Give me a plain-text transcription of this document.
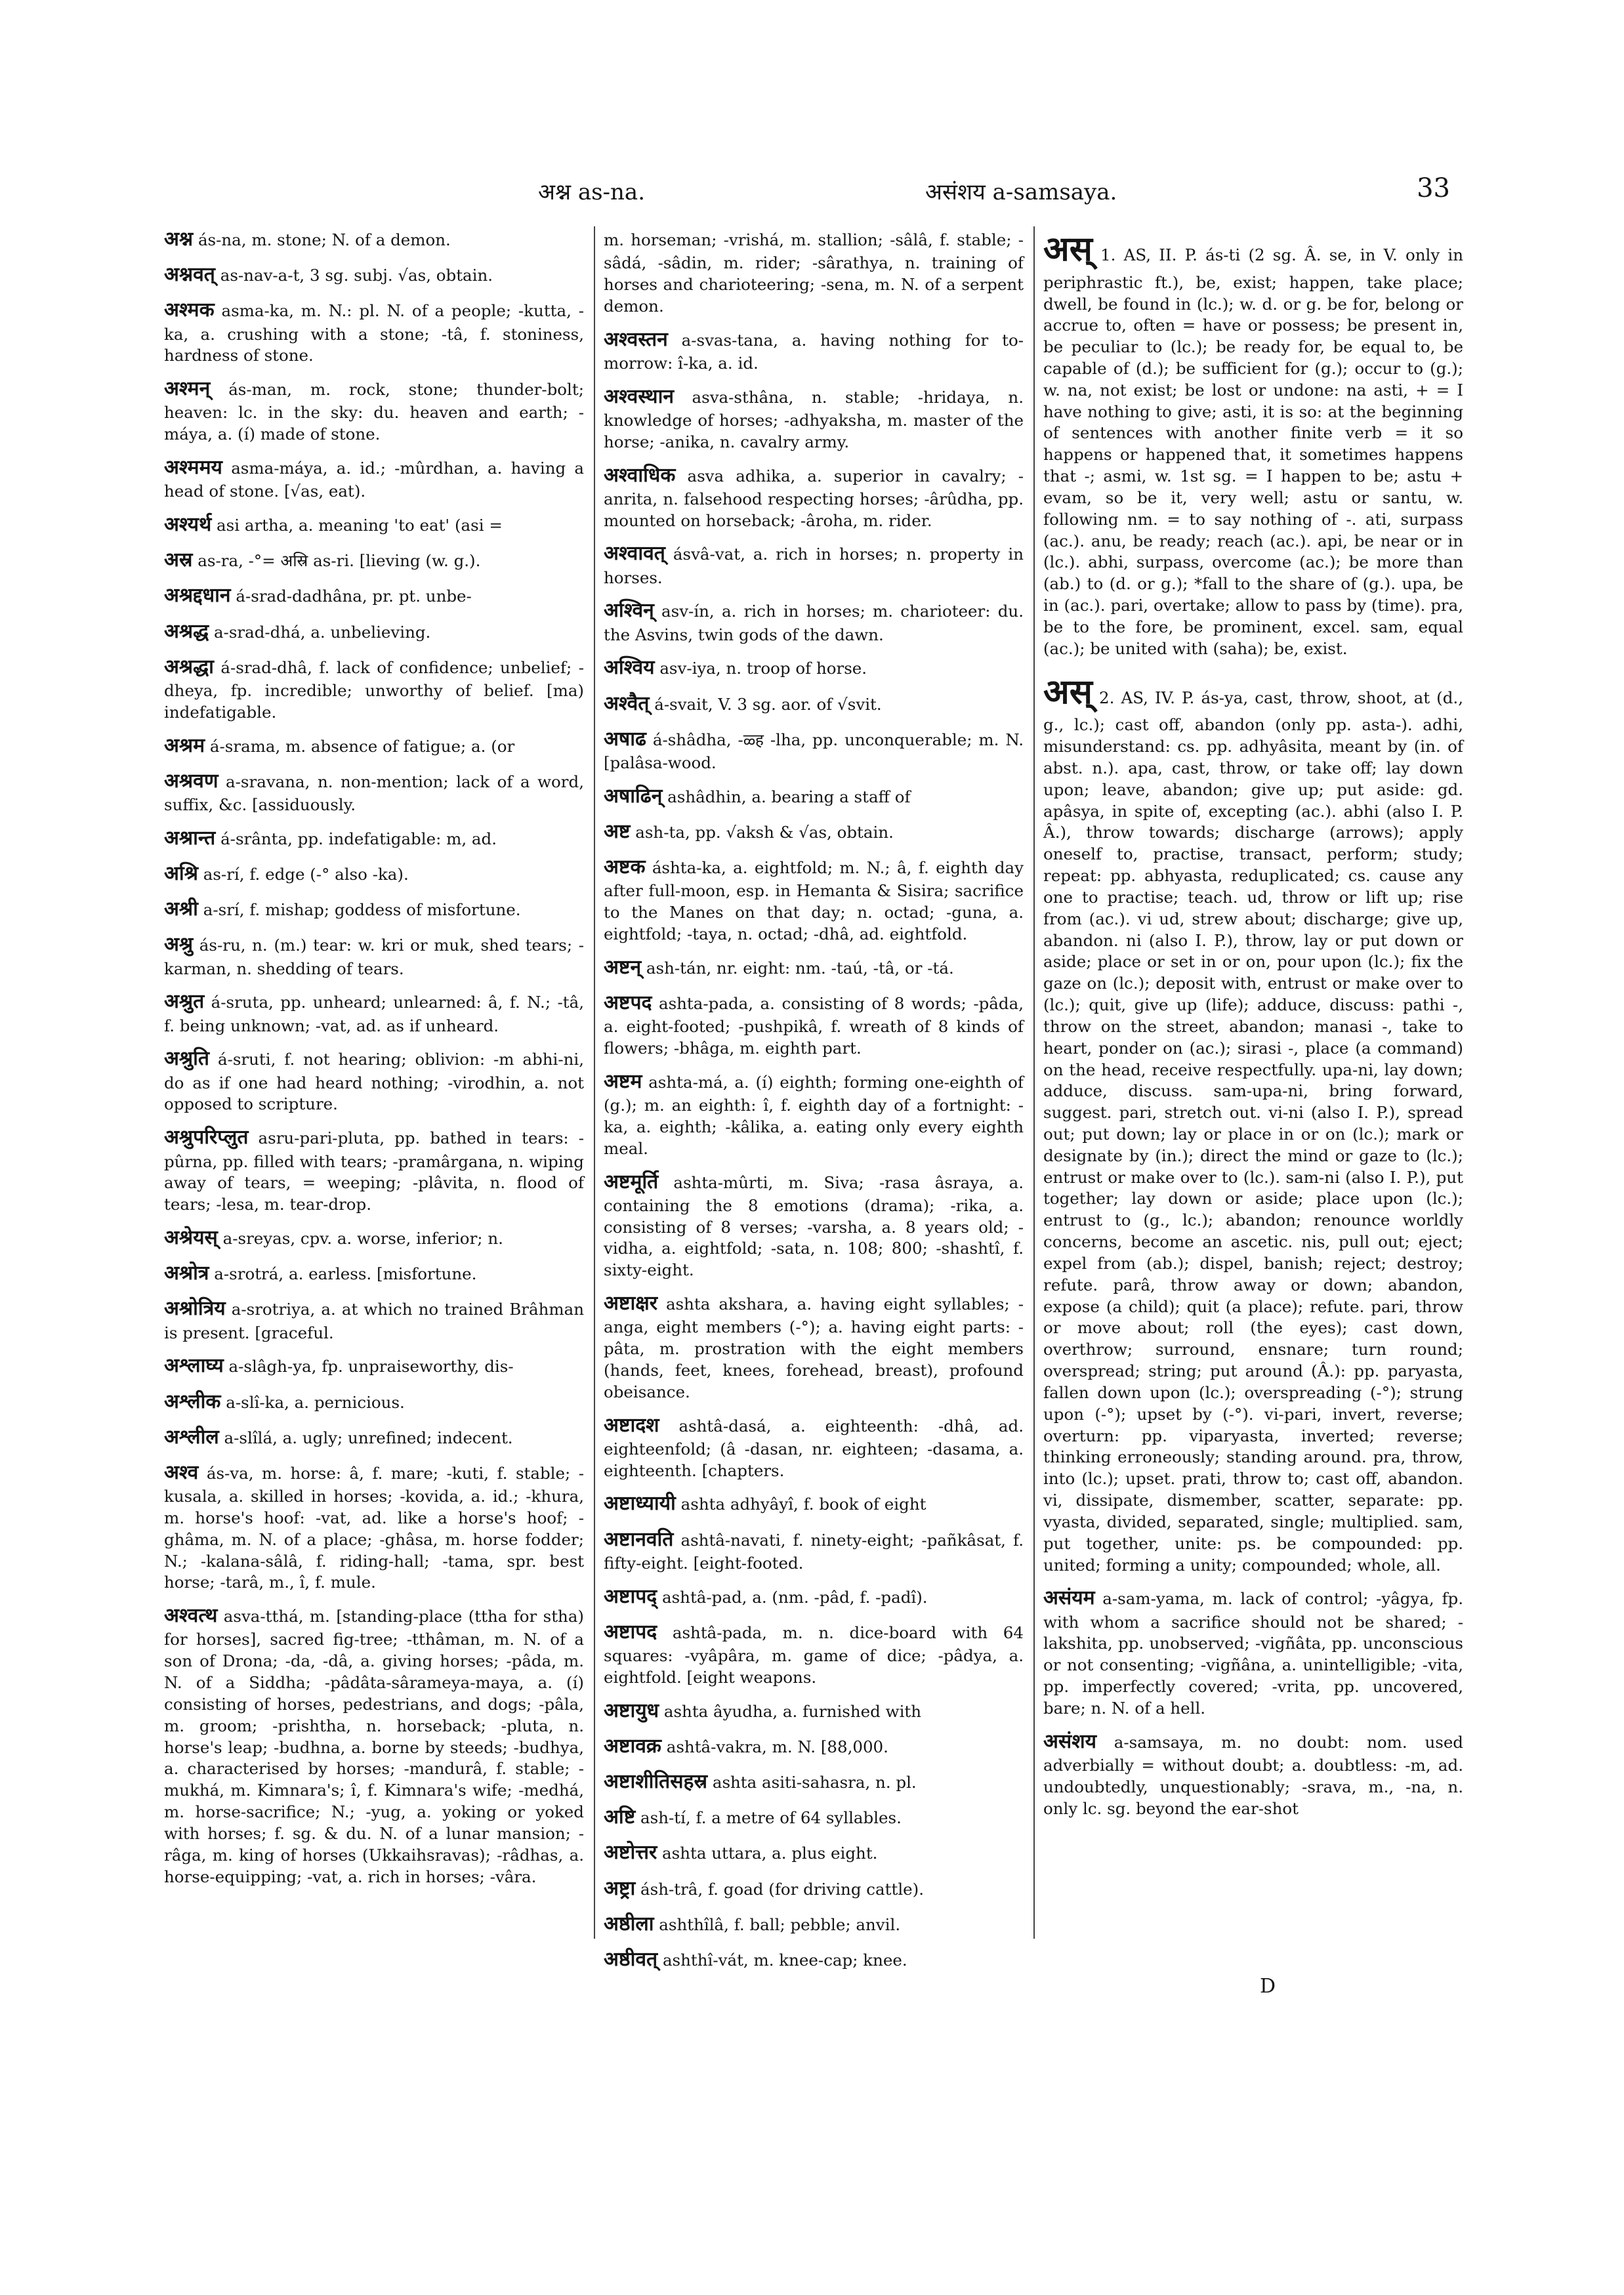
अश्न as-na.	असंशय a-samsaya.	33

अश्न ás-na, m. stone; N. of a demon.

अश्नवत् as-nav-a-t, 3 sg. subj. √as, obtain.

अश्मक asma-ka, m. N.: pl. N. of a people; -kutta, -ka, a. crushing with a stone; -tâ, f. stoniness, hardness of stone.

अश्मन् ás-man, m. rock, stone; thunder-bolt; heaven: lc. in the sky: du. heaven and earth; -máya, a. (í) made of stone.

अश्ममय asma-máya, a. id.; -mûrdhan, a. having a head of stone. [√as, eat).

अश्यर्थ asi artha, a. meaning 'to eat' (asi =

अस्र as-ra, -°= अस्रि as-ri. [lieving (w. g.).

अश्रद्दधान á-srad-dadhâna, pr. pt. unbe-

अश्रद्ध a-srad-dhá, a. unbelieving.

अश्रद्धा á-srad-dhâ, f. lack of confidence; unbelief; -dheya, fp. incredible; unworthy of belief. [ma) indefatigable.

अश्रम á-srama, m. absence of fatigue; a. (or

अश्रवण a-sravana, n. non-mention; lack of a word, suffix, &c. [assiduously.

अश्रान्त á-srânta, pp. indefatigable: m, ad.

अश्रि as-rí, f. edge (-° also -ka).

अश्री a-srí, f. mishap; goddess of misfortune.

अश्रु ás-ru, n. (m.) tear: w. kri or muk, shed tears; -karman, n. shedding of tears.

अश्रुत á-sruta, pp. unheard; unlearned: â, f. N.; -tâ, f. being unknown; -vat, ad. as if unheard.

अश्रुति á-sruti, f. not hearing; oblivion: -m abhi-ni, do as if one had heard nothing; -virodhin, a. not opposed to scripture.

अश्रुपरिप्लुत asru-pari-pluta, pp. bathed in tears: -pûrna, pp. filled with tears; -pramârgana, n. wiping away of tears, = weeping; -plâvita, n. flood of tears; -lesa, m. tear-drop.

अश्रेयस् a-sreyas, cpv. a. worse, inferior; n.

अश्रोत्र a-srotrá, a. earless. [misfortune.

अश्रोत्रिय a-srotriya, a. at which no trained Brâhman is present. [graceful.

अश्लाघ्य a-slâgh-ya, fp. unpraiseworthy, dis-

अश्लीक a-slî-ka, a. pernicious.

अश्लील a-slîlá, a. ugly; unrefined; indecent.

अश्व ás-va, m. horse: â, f. mare; -kuti, f. stable; -kusala, a. skilled in horses; -kovida, a. id.; -khura, m. horse's hoof: -vat, ad. like a horse's hoof; -ghâma, m. N. of a place; -ghâsa, m. horse fodder; N.; -kalana-sâlâ, f. riding-hall; -tama, spr. best horse; -tarâ, m., î, f. mule.

अश्वत्थ asva-tthá, m. [standing-place (ttha for stha) for horses], sacred fig-tree; -tthâman, m. N. of a son of Drona; -da, -dâ, a. giving horses; -pâda, m. N. of a Siddha; -pâdâta-sârameya-maya, a. (í) consisting of horses, pedestrians, and dogs; -pâla, m. groom; -prishtha, n. horseback; -pluta, n. horse's leap; -budhna, a. borne by steeds; -budhya, a. characterised by horses; -mandurâ, f. stable; -mukhá, m. Kimnara's; î, f. Kimnara's wife; -medhá, m. horse-sacrifice; N.; -yug, a. yoking or yoked with horses; f. sg. & du. N. of a lunar mansion; -râga, m. king of horses (Ukkaihsravas); -râdhas, a. horse-equipping; -vat, a. rich in horses; -vâra.

m. horseman; -vrishá, m. stallion; -sâlâ, f. stable; -sâdá, -sâdin, m. rider; -sârathya, n. training of horses and charioteering; -sena, m. N. of a serpent demon.

अश्वस्तन a-svas-tana, a. having nothing for to-morrow: î-ka, a. id.

अश्वस्थान asva-sthâna, n. stable; -hridaya, n. knowledge of horses; -adhyaksha, m. master of the horse; -anika, n. cavalry army.

अश्वाधिक asva adhika, a. superior in cavalry; -anrita, n. falsehood respecting horses; -ârûdha, pp. mounted on horseback; -âroha, m. rider.

अश्वावत् ásvâ-vat, a. rich in horses; n. property in horses.

अश्विन् asv-ín, a. rich in horses; m. charioteer: du. the Asvins, twin gods of the dawn.

अश्विय asv-iya, n. troop of horse.

अश्वैत् á-svait, V. 3 sg. aor. of √svit.

अषाढ á-shâdha, -ळ्ह -lha, pp. unconquerable; m. N. [palâsa-wood.

अषाढिन् ashâdhin, a. bearing a staff of

अष्ट ash-ta, pp. √aksh & √as, obtain.

अष्टक áshta-ka, a. eightfold; m. N.; â, f. eighth day after full-moon, esp. in Hemanta & Sisira; sacrifice to the Manes on that day; n. octad; -guna, a. eightfold; -taya, n. octad; -dhâ, ad. eightfold.

अष्टन् ash-tán, nr. eight: nm. -taú, -tâ, or -tá.

अष्टपद ashta-pada, a. consisting of 8 words; -pâda, a. eight-footed; -pushpikâ, f. wreath of 8 kinds of flowers; -bhâga, m. eighth part.

अष्टम ashta-má, a. (í) eighth; forming one-eighth of (g.); m. an eighth: î, f. eighth day of a fortnight: -ka, a. eighth; -kâlika, a. eating only every eighth meal.

अष्टमूर्ति ashta-mûrti, m. Siva; -rasa âsraya, a. containing the 8 emotions (drama); -rika, a. consisting of 8 verses; -varsha, a. 8 years old; -vidha, a. eightfold; -sata, n. 108; 800; -shashtî, f. sixty-eight.

अष्टाक्षर ashta akshara, a. having eight syllables; -anga, eight members (-°); a. having eight parts: -pâta, m. prostration with the eight members (hands, feet, knees, forehead, breast), profound obeisance.

अष्टादश ashtâ-dasá, a. eighteenth: -dhâ, ad. eighteenfold; (â -dasan, nr. eighteen; -dasama, a. eighteenth. [chapters.

अष्टाध्यायी ashta adhyâyî, f. book of eight

अष्टानवति ashtâ-navati, f. ninety-eight; -pañkâsat, f. fifty-eight. [eight-footed.

अष्टापद् ashtâ-pad, a. (nm. -pâd, f. -padî).

अष्टापद ashtâ-pada, m. n. dice-board with 64 squares: -vyâpâra, m. game of dice; -pâdya, a. eightfold. [eight weapons.

अष्टायुध ashta âyudha, a. furnished with

अष्टावक्र ashtâ-vakra, m. N. [88,000.

अष्टाशीतिसहस्र ashta asiti-sahasra, n. pl.

अष्टि ash-tí, f. a metre of 64 syllables.

अष्टोत्तर ashta uttara, a. plus eight.

अष्ट्रा ásh-trâ, f. goad (for driving cattle).

अष्ठीला ashthîlâ, f. ball; pebble; anvil.

अष्ठीवत् ashthî-vát, m. knee-cap; knee.

अस् 1. AS, II. P. ás-ti (2 sg. Â. se, in V. only in periphrastic ft.), be, exist; happen, take place; dwell, be found in (lc.); w. d. or g. be for, belong or accrue to, often = have or possess; be present in, be peculiar to (lc.); be ready for, be equal to, be capable of (d.); be sufficient for (g.); occur to (g.); w. na, not exist; be lost or undone: na asti, + = I have nothing to give; asti, it is so: at the beginning of sentences with another finite verb = it so happens or happened that, it sometimes happens that -; asmi, w. 1st sg. = I happen to be; astu + evam, so be it, very well; astu or santu, w. following nm. = to say nothing of -. ati, surpass (ac.). anu, be ready; reach (ac.). api, be near or in (lc.). abhi, surpass, overcome (ac.); be more than (ab.) to (d. or g.); *fall to the share of (g.). upa, be in (ac.). pari, overtake; allow to pass by (time). pra, be to the fore, be prominent, excel. sam, equal (ac.); be united with (saha); be, exist.

अस् 2. AS, IV. P. ás-ya, cast, throw, shoot, at (d., g., lc.); cast off, abandon (only pp. asta-). adhi, misunderstand: cs. pp. adhyâsita, meant by (in. of abst. n.). apa, cast, throw, or take off; lay down upon; leave, abandon; give up; put aside: gd. apâsya, in spite of, excepting (ac.). abhi (also I. P. Â.), throw towards; discharge (arrows); apply oneself to, practise, transact, perform; study; repeat: pp. abhyasta, reduplicated; cs. cause any one to practise; teach. ud, throw or lift up; rise from (ac.). vi ud, strew about; discharge; give up, abandon. ni (also I. P.), throw, lay or put down or aside; place or set in or on, pour upon (lc.); fix the gaze on (lc.); deposit with, entrust or make over to (lc.); quit, give up (life); adduce, discuss: pathi -, throw on the street, abandon; manasi -, take to heart, ponder on (ac.); sirasi -, place (a command) on the head, receive respectfully. upa-ni, lay down; adduce, discuss. sam-upa-ni, bring forward, suggest. pari, stretch out. vi-ni (also I. P.), spread out; put down; lay or place in or on (lc.); mark or designate by (in.); direct the mind or gaze to (lc.); entrust or make over to (lc.). sam-ni (also I. P.), put together; lay down or aside; place upon (lc.); entrust to (g., lc.); abandon; renounce worldly concerns, become an ascetic. nis, pull out; eject; expel from (ab.); dispel, banish; reject; destroy; refute. parâ, throw away or down; abandon, expose (a child); quit (a place); refute. pari, throw or move about; roll (the eyes); cast down, overthrow; surround, ensnare; turn round; overspread; string; put around (Â.): pp. paryasta, fallen down upon (lc.); overspreading (-°); strung upon (-°); upset by (-°). vi-pari, invert, reverse; overturn: pp. viparyasta, inverted; reverse; thinking erroneously; standing around. pra, throw, into (lc.); upset. prati, throw to; cast off, abandon. vi, dissipate, dismember, scatter, separate: pp. vyasta, divided, separated, single; multiplied. sam, put together, unite: ps. be compounded: pp. united; forming a unity; compounded; whole, all.

असंयम a-sam-yama, m. lack of control; -yâgya, fp. with whom a sacrifice should not be shared; -lakshita, pp. unobserved; -vigñâta, pp. unconscious or not consenting; -vigñâna, a. unintelligible; -vita, pp. imperfectly covered; -vrita, pp. uncovered, bare; n. N. of a hell.

असंशय a-samsaya, m. no doubt: nom. used adverbially = without doubt; a. doubtless: -m, ad. undoubtedly, unquestionably; -srava, m., -na, n. only lc. sg. beyond the ear-shot

D
